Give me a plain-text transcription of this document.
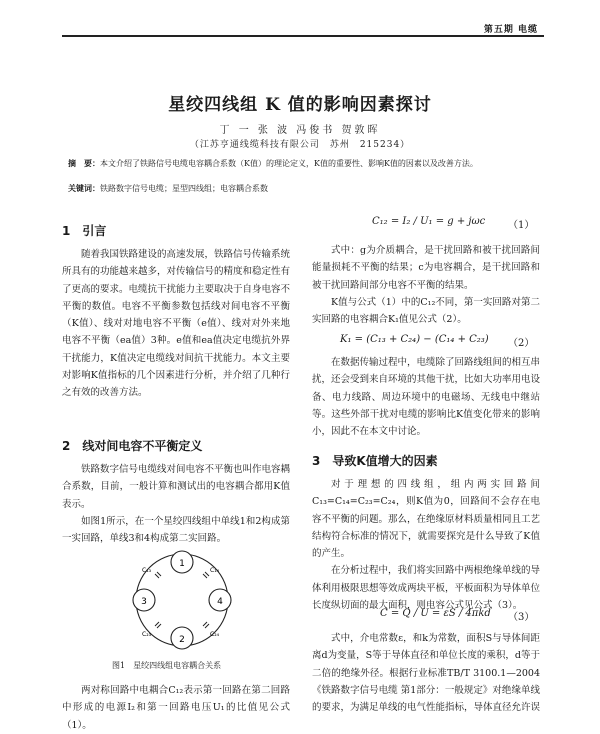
第五期 电缆
星绞四线组 K 值的影响因素探讨
丁 一 张 波 冯俊书 贺敦晖
（江苏亨通线缆科技有限公司　苏州　215234）
摘　要：本文介绍了铁路信号电缆电容耦合系数（K值）的理论定义，K值的重要性、影响K值的因素以及改善方法。
关键词：铁路数字信号电缆；星型四线组；电容耦合系数
1　引言

随着我国铁路建设的高速发展，铁路信号传输系统所具有的功能越来越多，对传输信号的精度和稳定性有了更高的要求。电缆抗干扰能力主要取决于自身电容不平衡的数值。电容不平衡参数包括线对间电容不平衡（K值）、线对对地电容不平衡（e值）、线对对外来地电容不平衡（ea值）3种。e值和ea值决定电缆抗外界干扰能力，K值决定电缆线对间抗干扰能力。本文主要对影响K值指标的几个因素进行分析，并介绍了几种行之有效的改善方法。

2　线对间电容不平衡定义

铁路数字信号电缆线对间电容不平衡也叫作电容耦合系数，目前，一般计算和测试出的电容耦合都用K值表示。

如图1所示，在一个星绞四线组中单线1和2构成第一实回路，单线3和4构成第二实回路。

1
2
3	4
C₁₃	C₁₄
C₂₃	C₂₄
图1　星绞四线组电容耦合关系

两对称回路中电耦合C₁₂表示第一回路在第二回路中形成的电源I₂和第一回路电压U₁的比值见公式（1）。

C₁₂ = I₂ / U₁ = g + jωc （1）

式中：g为介质耦合，是干扰回路和被干扰回路间能量损耗不平衡的结果；c为电容耦合，是干扰回路和被干扰回路间部分电容不平衡的结果。

K值与公式（1）中的C₁₂不同，第一实回路对第二实回路的电容耦合K₁值见公式（2）。

K₁ = (C₁₃ + C₂₄) − (C₁₄ + C₂₃) （2）

在数据传输过程中，电缆除了回路线组间的相互串扰，还会受到来自环境的其他干扰，比如大功率用电设备、电力线路、周边环境中的电磁场、无线电中继站等。这些外部干扰对电缆的影响比K值变化带来的影响小，因此不在本文中讨论。

3　导致K值增大的因素

对于理想的四线组，组内两实回路间C₁₃=C₁₄=C₂₃=C₂₄，则K值为0，回路间不会存在电容不平衡的问题。那么，在绝缘原材料质量相同且工艺结构符合标准的情况下，就需要探究是什么导致了K值的产生。

在分析过程中，我们将实回路中两根绝缘单线的导体利用极限思想等效成两块平板，平板面积为导体单位长度纵切面的最大面积，则电容公式见公式（3）。

C = Q / U = εS / 4πkd （3）

式中，介电常数ε，和k为常数，面积S与导体间距离d为变量，S等于导体直径和单位长度的乘积，d等于二倍的绝缘外径。根据行业标准TB/T 3100.1—2004《铁路数字信号电缆 第1部分：一般规定》对绝缘单线的要求，为满足单线的电气性能指标，导体直径允许误
